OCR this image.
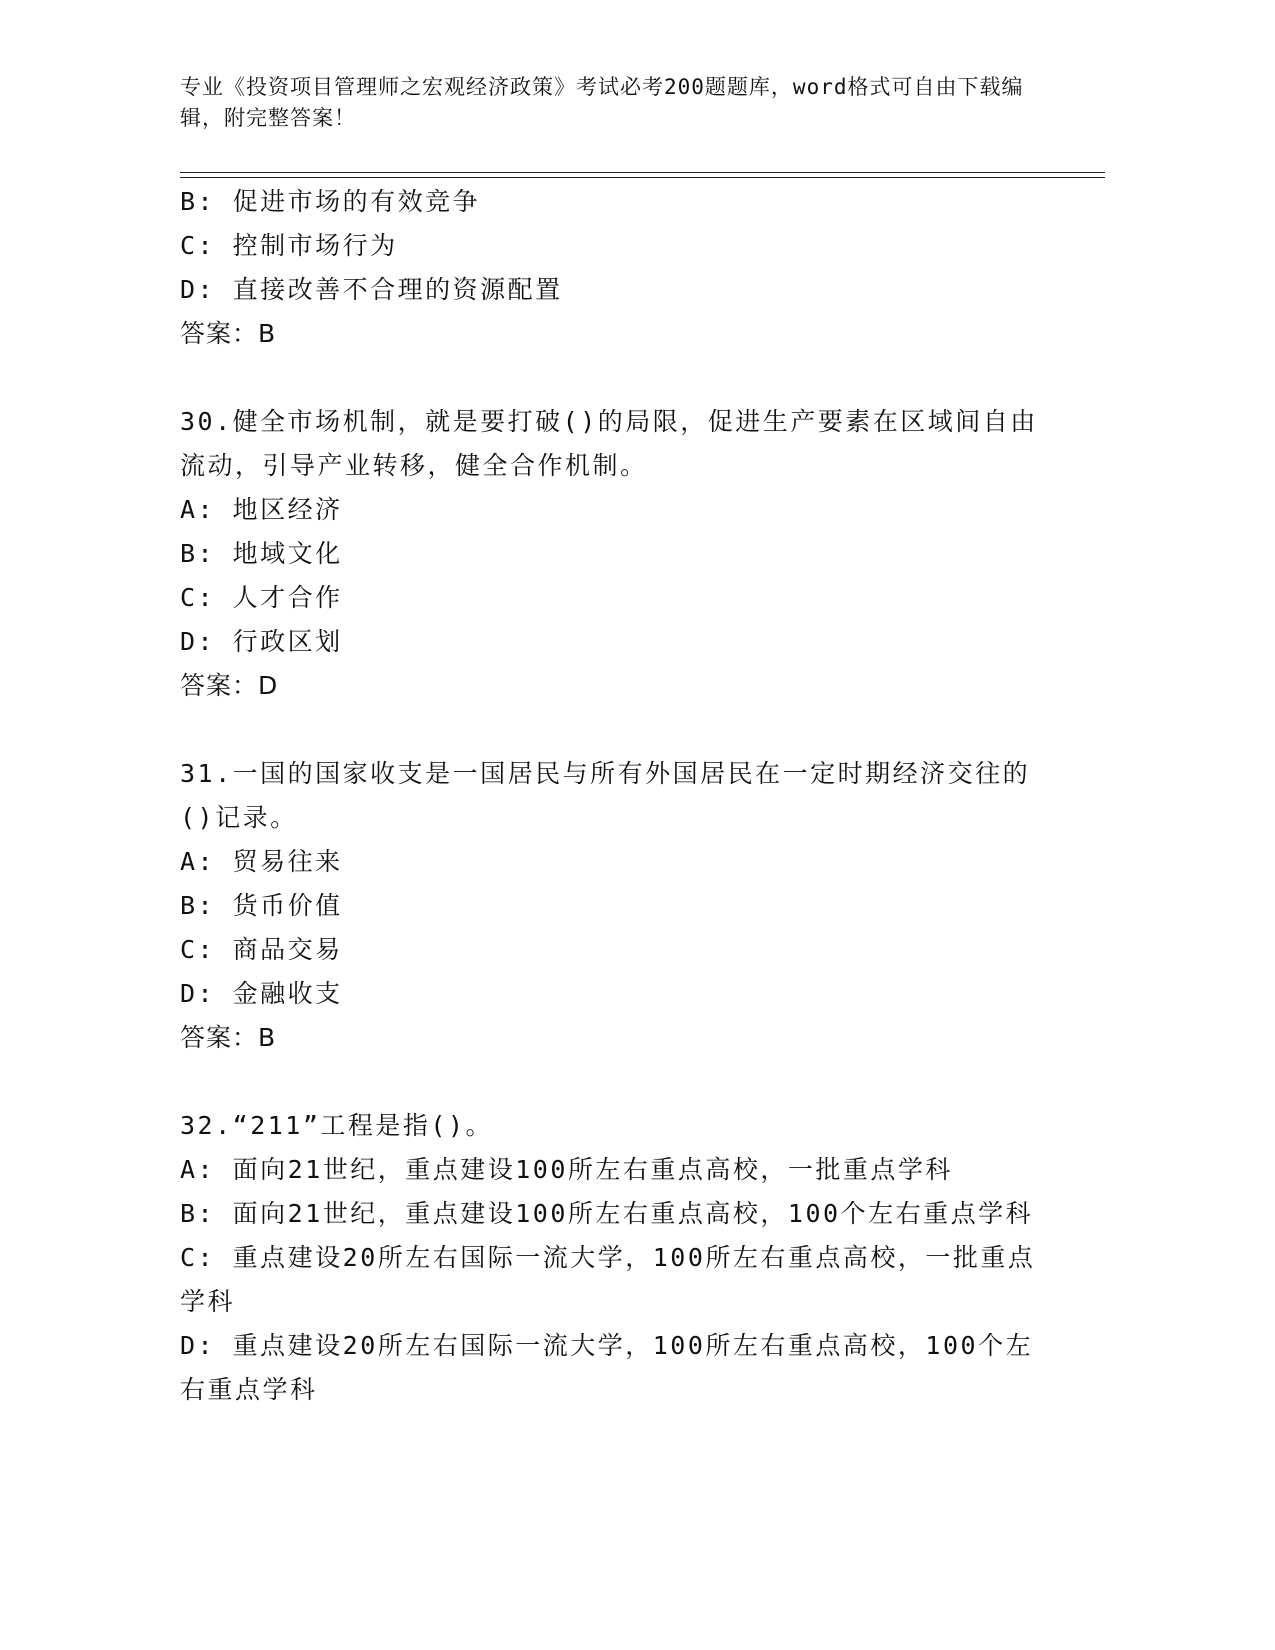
专业《投资项目管理师之宏观经济政策》考试必考200题题库，word格式可自由下载编辑，附完整答案！
B: 促进市场的有效竞争
C: 控制市场行为
D: 直接改善不合理的资源配置
答案：B
30.健全市场机制，就是要打破()的局限，促进生产要素在区域间自由流动，引导产业转移，健全合作机制。
A: 地区经济
B: 地域文化
C: 人才合作
D: 行政区划
答案：D
31.一国的国家收支是一国居民与所有外国居民在一定时期经济交往的()记录。
A: 贸易往来
B: 货币价值
C: 商品交易
D: 金融收支
答案：B
32.“211”工程是指()。
A: 面向21世纪，重点建设100所左右重点高校，一批重点学科
B: 面向21世纪，重点建设100所左右重点高校，100个左右重点学科
C: 重点建设20所左右国际一流大学，100所左右重点高校，一批重点学科
D: 重点建设20所左右国际一流大学，100所左右重点高校，100个左右重点学科
